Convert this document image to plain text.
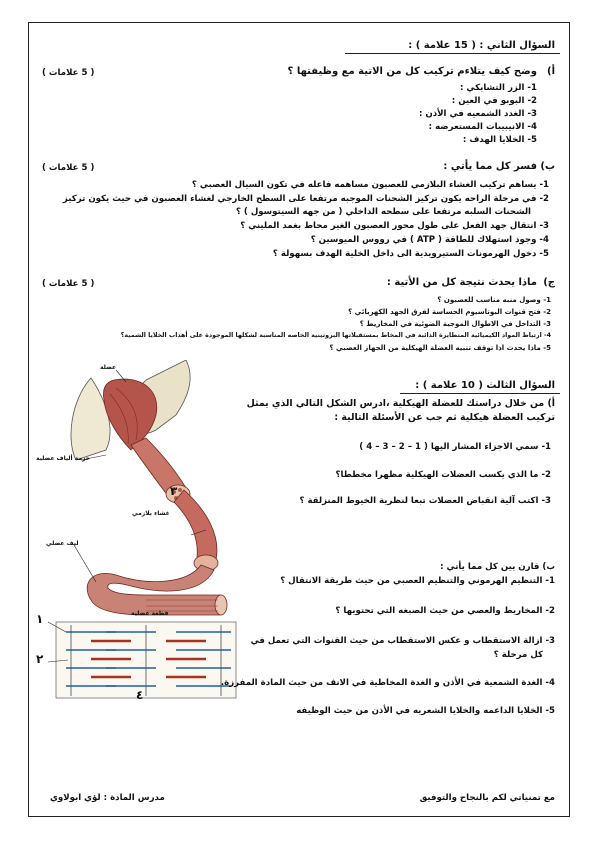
السؤال الثاني : ( 15 علامة ) :
أ)
وضح كيف يتلاءم تركيب كل من الاتية مع وظيفتها ؟
( 5 علامات )
1- الزر التشابكي :
2- البوبو في العين :
3- الغدد الشمعيه في الأذن :
4- الانيبيبات المستعرضه :
5- الخلايا الهدف :
ب)
فسر كل مما يأتي :
( 5 علامات )
1- يساهم تركيب الغشاء البلازمي للعصبون مساهمه فاعله في تكون السيال العصبي ؟
2- في مرحلة الراحه يكون تركيز الشحنات الموجبه مرتفعا على السطح الخارجي لغشاء العصبون في حيث يكون تركيز
الشحنات السلبه مرتفعا على سطحه الداخلي ( من جهه السيتوسول ) ؟
3- انتقال جهد الفعل على طول محور العصبون الغير محاط بغمد المليني ؟
4- وجود استهلاك للطاقة ( ATP ) في رووس الميوسين ؟
5- دخول الهرمونات الستيرويدية الى داخل الخلية الهدف بسهولة ؟
ج)
ماذا يحدث نتيجة كل من الأتية :
( 5 علامات )
1- وصول منبه مناسب للعصبون ؟
2- فتح قنوات البوتاسيوم الحساسة لفرق الجهد الكهربائي ؟
3- التداخل في الاطوال الموجية الضوئية في المخاريط ؟
4- ارتباط المواد الكيميائية المتطايرة الذائبة في المخاط بمستقبلاتها البروتينية الخاصه المناسبة لشكلها الموجودة على أهداب الخلايا الشمية؟
5- ماذا يحدث اذا توقف تنبيه العضلة الهيكلية من الجهاز العصبي ؟
عضلة
حزمة ألياف عضلية
غشاء بلازمي
ليف عضلي
قطعة عضلية
٣
١
٢
٤
السؤال الثالث ( 10 علامة ) :
أ) من خلال دراستك للعضلة الهيكلية ،ادرس الشكل التالي الذي يمثل
تركيب العضلة هيكلية ثم جب عن الأسئلة التالية :
1- سمي الاجزاء المشار اليها ( 1 – 2 – 3 – 4 )
2- ما الذي يكسب العضلات الهيكلية مظهرا مخططا؟
3- اكتب آلية انقباض العضلات تبعا لنظرية الخيوط المنزلقة ؟
ب) قارن بين كل مما يأتي :
1- التنظيم الهرموني والتنظيم العصبي من حيث طريقة الانتقال ؟
2- المخاريط والعصي من حيث الصبغه التي تحتويها ؟
3- ازالة الاستقطاب و عكس الاستقطاب من حيث القنوات التي تعمل في
كل مرحلة ؟
4- الغدة الشمعية في الأذن و الغدة المخاطية في الانف من حيث المادة المفرزة.
5- الخلايا الداعمه والخلايا الشعريه في الأذن من حيث الوظيفه
مدرس المادة : لؤي ابولاوي	مع تمنياتي لكم بالنجاح والتوفيق
